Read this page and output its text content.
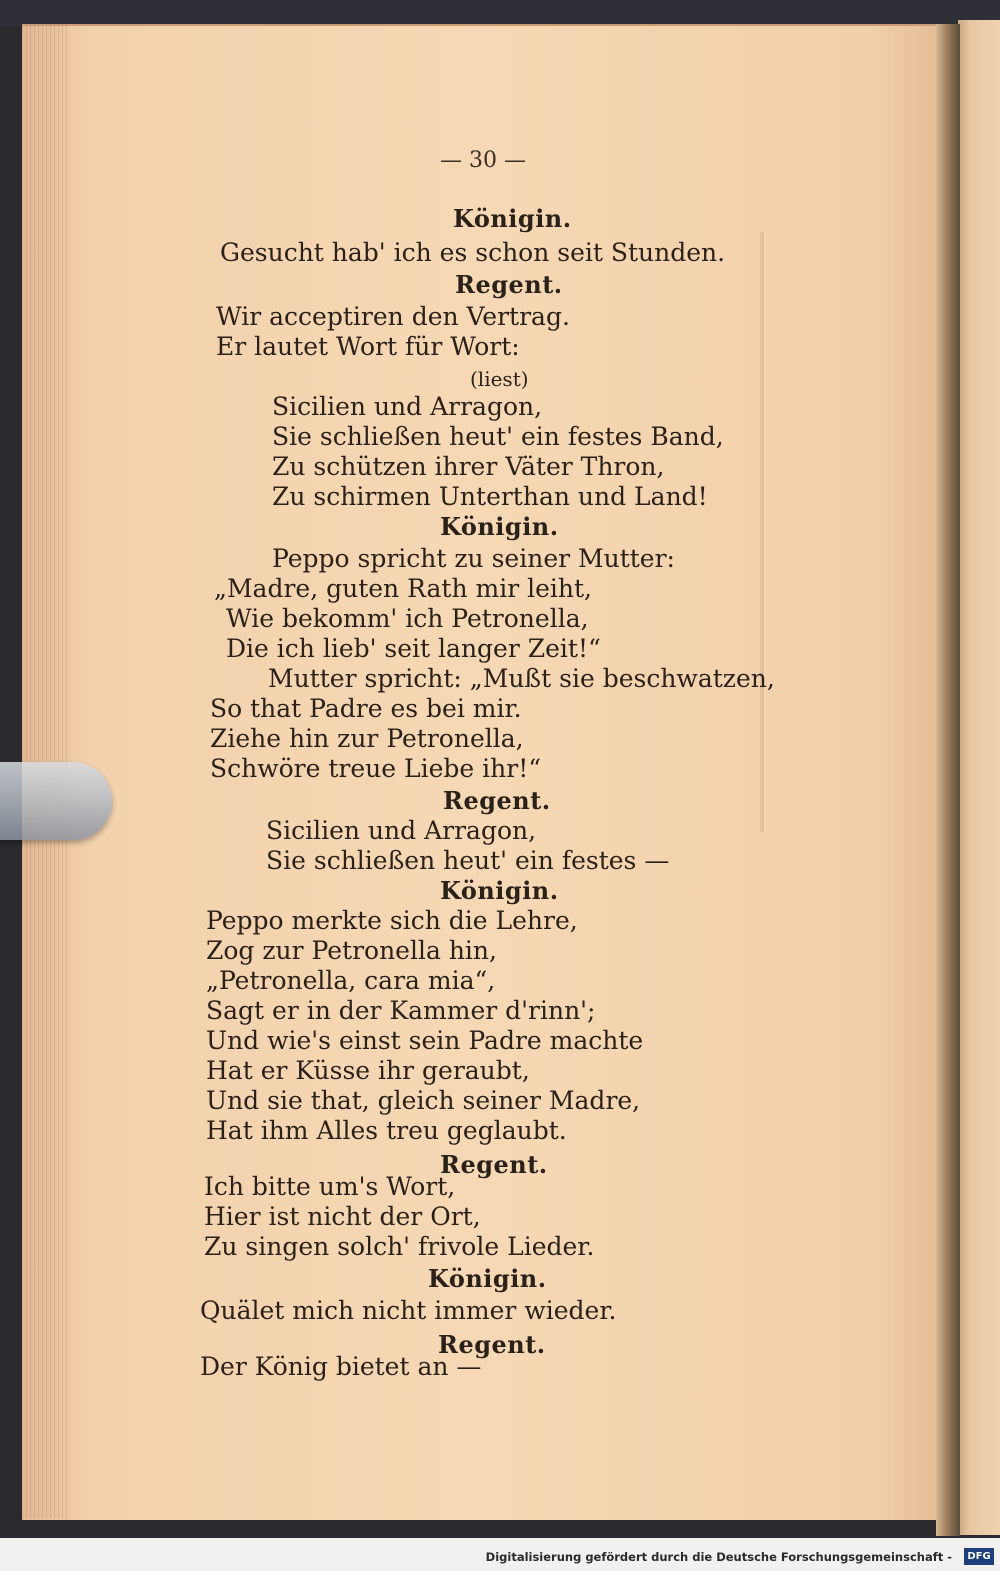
— 30 —
Königin.
Gesucht hab' ich es schon seit Stunden.
Regent.
Wir acceptiren den Vertrag.
Er lautet Wort für Wort:
(liest)
Sicilien und Arragon,
Sie schließen heut' ein festes Band,
Zu schützen ihrer Väter Thron,
Zu schirmen Unterthan und Land!
Königin.
Peppo spricht zu seiner Mutter:
„Madre, guten Rath mir leiht,
Wie bekomm' ich Petronella,
Die ich lieb' seit langer Zeit!“
Mutter spricht: „Mußt sie beschwatzen,
So that Padre es bei mir.
Ziehe hin zur Petronella,
Schwöre treue Liebe ihr!“
Regent.
Sicilien und Arragon,
Sie schließen heut' ein festes —
Königin.
Peppo merkte sich die Lehre,
Zog zur Petronella hin,
„Petronella, cara mia“,
Sagt er in der Kammer d'rinn';
Und wie's einst sein Padre machte
Hat er Küsse ihr geraubt,
Und sie that, gleich seiner Madre,
Hat ihm Alles treu geglaubt.
Regent.
Ich bitte um's Wort,
Hier ist nicht der Ort,
Zu singen solch' frivole Lieder.
Königin.
Quälet mich nicht immer wieder.
Regent.
Der König bietet an —
Digitalisierung gefördert durch die Deutsche Forschungsgemeinschaft -	DFG
